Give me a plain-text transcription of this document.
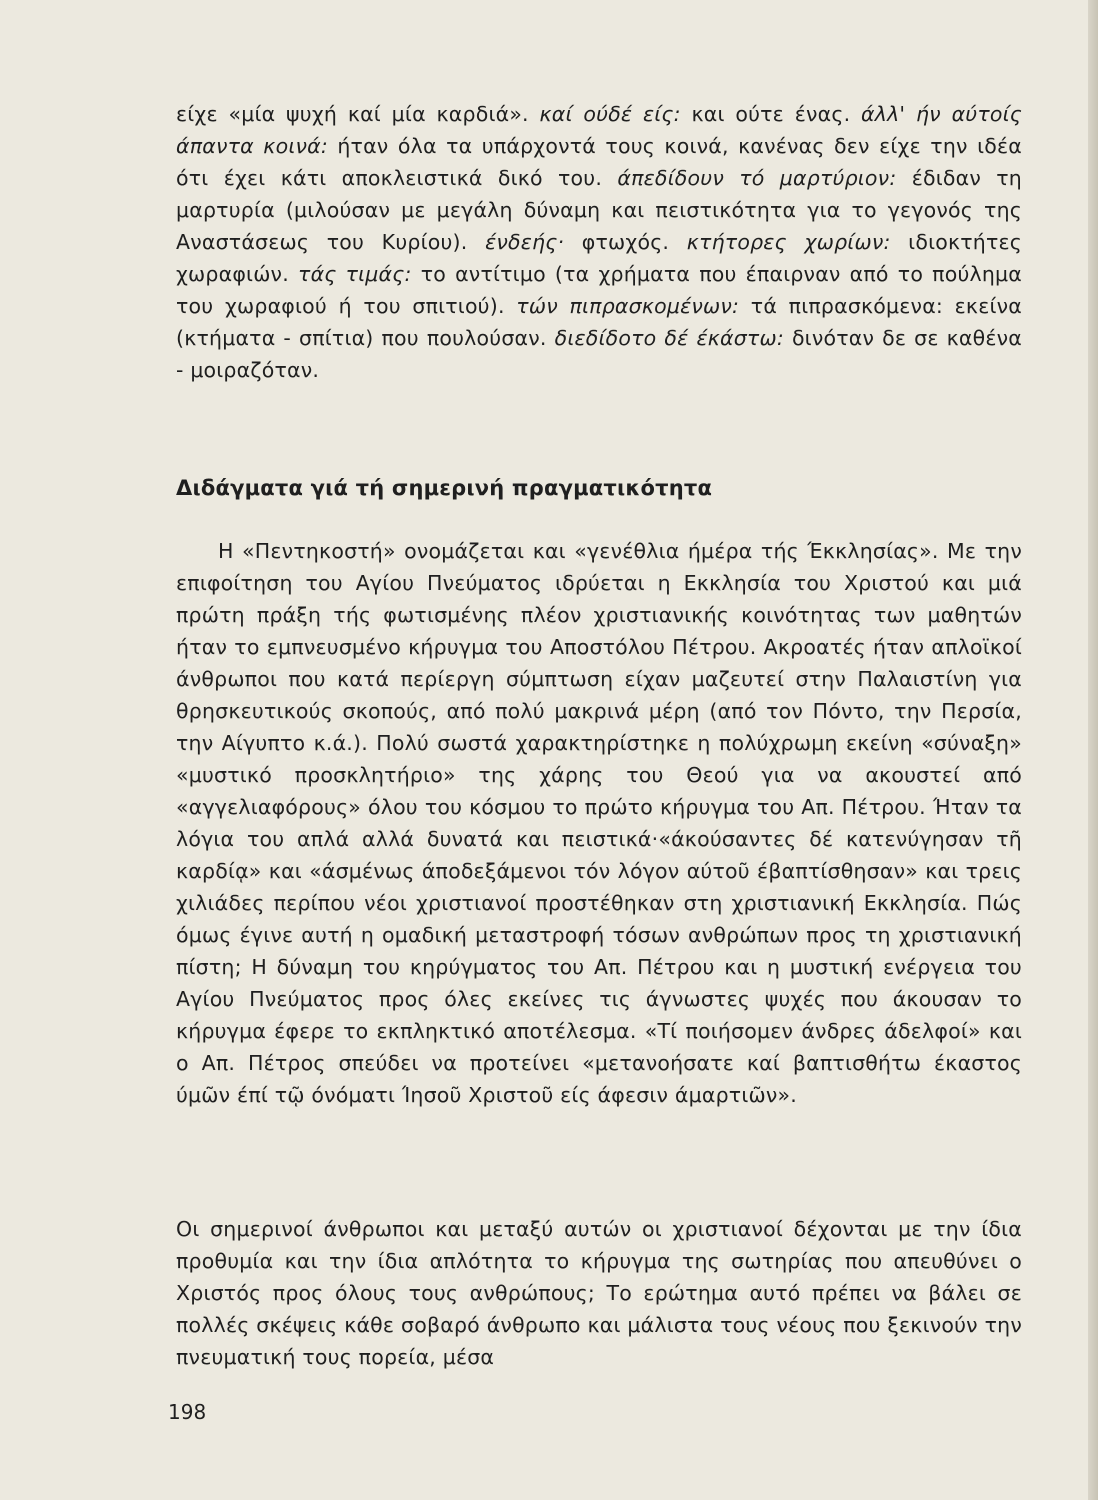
είχε «μία ψυχή καί μία καρδιά». καί ούδέ είς: και ούτε ένας. άλλ' ήν αύτοίς άπαντα κοινά: ήταν όλα τα υπάρχοντά τους κοινά, κανένας δεν είχε την ιδέα ότι έχει κάτι αποκλειστικά δικό του. άπεδίδουν τό μαρτύριον: έδιδαν τη μαρτυρία (μιλούσαν με μεγάλη δύναμη και πειστικότητα για το γεγονός της Αναστάσεως του Κυρίου). ένδεής· φτωχός. κτήτορες χωρίων: ιδιοκτήτες χωραφιών. τάς τιμάς: το αντίτιμο (τα χρήματα που έπαιρναν από το πούλημα του χωραφιού ή του σπιτιού). τών πιπρασκομένων: τά πιπρασκόμενα: εκείνα (κτήματα - σπίτια) που πουλούσαν. διεδίδοτο δέ έκάστω: δινόταν δε σε καθένα - μοιραζόταν.

Διδάγματα γιά τή σημερινή πραγματικότητα

Η «Πεντηκοστή» ονομάζεται και «γενέθλια ήμέρα τής Έκκλησίας». Με την επιφοίτηση του Αγίου Πνεύματος ιδρύεται η Εκκλησία του Χριστού και μιά πρώτη πράξη τής φωτισμένης πλέον χριστιανικής κοινότητας των μαθητών ήταν το εμπνευσμένο κήρυγμα του Αποστόλου Πέτρου. Ακροατές ήταν απλοϊκοί άνθρωποι που κατά περίεργη σύμπτωση είχαν μαζευτεί στην Παλαιστίνη για θρησκευτικούς σκοπούς, από πολύ μακρινά μέρη (από τον Πόντο, την Περσία, την Αίγυπτο κ.ά.). Πολύ σωστά χαρακτηρίστηκε η πολύχρωμη εκείνη «σύναξη» «μυστικό προσκλητήριο» της χάρης του Θεού για να ακουστεί από «αγγελιαφόρους» όλου του κόσμου το πρώτο κήρυγμα του Απ. Πέτρου. Ήταν τα λόγια του απλά αλλά δυνατά και πειστικά·«άκούσαντες δέ κατενύγησαν τῆ καρδίᾳ» και «άσμένως άποδεξάμενοι τόν λόγον αύτοῦ έβαπτίσθησαν» και τρεις χιλιάδες περίπου νέοι χριστιανοί προστέθηκαν στη χριστιανική Εκκλησία. Πώς όμως έγινε αυτή η ομαδική μεταστροφή τόσων ανθρώπων προς τη χριστιανική πίστη; Η δύναμη του κηρύγματος του Απ. Πέτρου και η μυστική ενέργεια του Αγίου Πνεύματος προς όλες εκείνες τις άγνωστες ψυχές που άκουσαν το κήρυγμα έφερε το εκπληκτικό αποτέλεσμα. «Τί ποιήσομεν άνδρες άδελφοί» και ο Απ. Πέτρος σπεύδει να προτείνει «μετανοήσατε καί βαπτισθήτω έκαστος ύμῶν έπί τῷ όνόματι Ίησοῦ Χριστοῦ είς άφεσιν άμαρτιῶν».

Οι σημερινοί άνθρωποι και μεταξύ αυτών οι χριστιανοί δέχονται με την ίδια προθυμία και την ίδια απλότητα το κήρυγμα της σωτηρίας που απευθύνει ο Χριστός προς όλους τους ανθρώπους; Το ερώτημα αυτό πρέπει να βάλει σε πολλές σκέψεις κάθε σοβαρό άνθρωπο και μάλιστα τους νέους που ξεκινούν την πνευματική τους πορεία, μέσα

198
